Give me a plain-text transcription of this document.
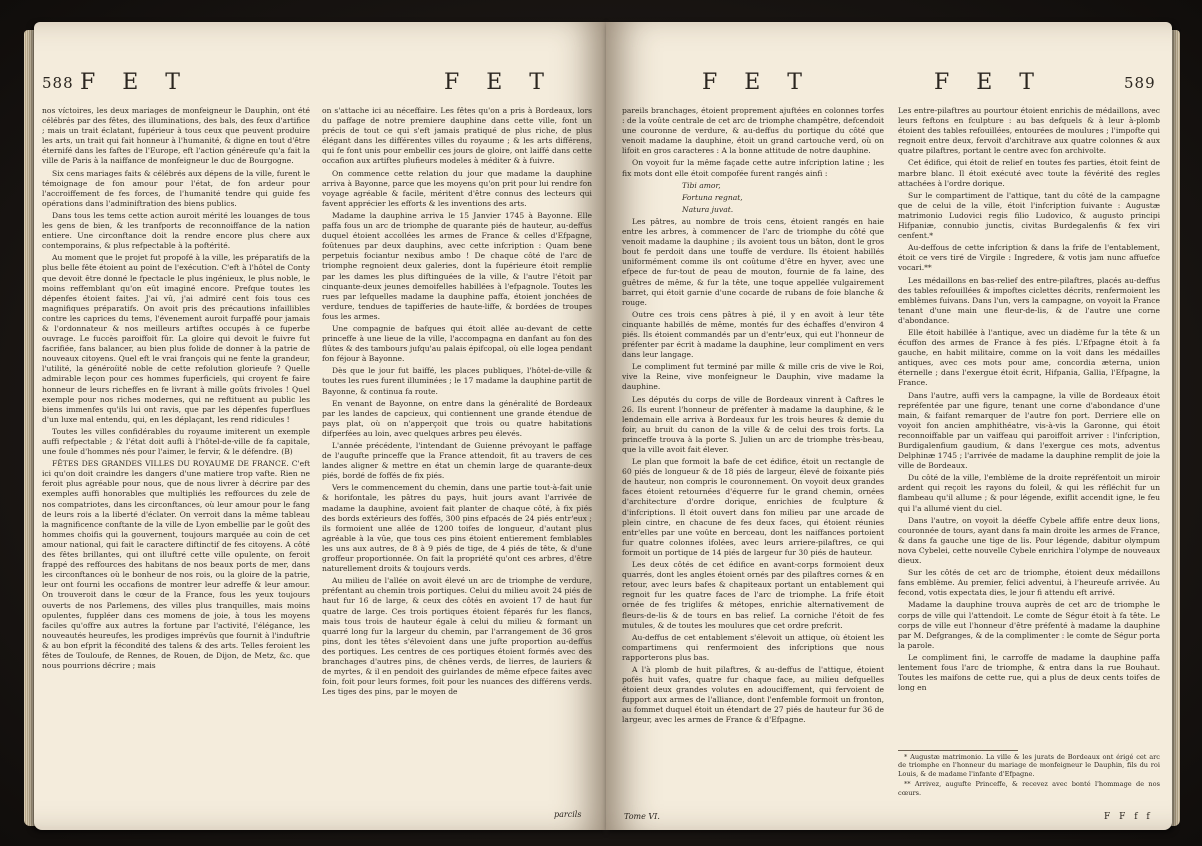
588 F E T	F E T

nos víctoires, les deux mariages de monfeigneur le Dauphin, ont été célébrés par des fêtes, des illuminations, des bals, des feux d'artifice ; mais un trait éclatant, fupérieur à tous ceux que peuvent produire les arts, un trait qui fait honneur à l'humanité, & digne en tout d'être éternifé dans les faftes de l'Europe, eft l'action généreufe qu'a fait la ville de Paris à la naiffance de monfeigneur le duc de Bourgogne.

Six cens mariages faits & célébrés aux dépens de la ville, furent le témoignage de fon amour pour l'état, de fon ardeur pour l'accroiffement de fes forces, de l'humanité tendre qui guide fes opérations dans l'adminiftration des biens publics.

Dans tous les tems cette action auroit mérité les louanges de tous les gens de bien, & les tranfports de reconnoiffance de la nation entiere. Une circonftance doit la rendre encore plus chere aux contemporains, & plus refpectable à la poftérité.

Au moment que le projet fut propofé à la ville, les préparatifs de la plus belle fête étoient au point de l'exécution. C'eft à l'hôtel de Conty que devoit être donné le fpectacle le plus ingénieux, le plus noble, le moins reffemblant qu'on eût imaginé encore. Prefque toutes les dépenfes étoient faites. J'ai vû, j'ai admiré cent fois tous ces magnifiques préparatifs. On avoit pris des précautions infaillibles contre les caprices du tems, l'évenement auroit furpaffé pour jamais & l'ordonnateur & nos meilleurs artiftes occupés à ce fuperbe ouvrage. Le fuccès paroiffoit fûr. La gloire qui devoit le fuivre fut facrifiée, fans balancer, au bien plus folide de donner à la patrie de nouveaux citoyens. Quel eft le vrai françois qui ne fente la grandeur, l'utilité, la généroíité noble de cette refolution glorieufe ? Quelle admirable leçon pour ces hommes fuperficiels, qui croyent fe faire honneur de leurs richeffes en fe livrant à mille goûts frivoles ! Quel exemple pour nos riches modernes, qui ne reftituent au public les biens immenfes qu'ils lui ont ravis, que par les dépenfes fuperflues d'un luxe mal entendu, qui, en les déplaçant, les rend ridicules !

Toutes les villes confidérables du royaume imiterent un exemple auffi refpectable ; & l'état doit aufli à l'hôtel-de-ville de fa capitale, une foule d'hommes nés pour l'aimer, le fervir, & le défendre. (B)

FÊTES DES GRANDES VILLES DU ROYAUME DE FRANCE. C'eft ici qu'on doit craindre les dangers d'une matiere trop vafte. Rien ne feroit plus agréable pour nous, que de nous livrer à décrire par des exemples auffi honorables que multipliés les reffources du zele de nos compatriotes, dans les circonftances, où leur amour pour le fang de leurs rois a la liberté d'éclater. On verroit dans la même tableau la magnificence conftante de la ville de Lyon embellie par le goût des hommes choifis qui la gouvernent, toujours marquée au coin de cet amour national, qui fait le caractere diftinctif de fes citoyens. A côté des fêtes brillantes, qui ont illuftré cette ville opulente, on feroit frappé des reffources des habitans de nos beaux ports de mer, dans les circonftances où le bonheur de nos rois, ou la gloire de la patrie, leur ont fourni les occafions de montrer leur adreffe & leur amour. On trouveroit dans le cœur de la France, fous les yeux toujours ouverts de nos Parlemens, des villes plus tranquilles, mais moins opulentes, fuppléer dans ces momens de joie, à tous les moyens faciles qu'offre aux autres la fortune par l'activité, l'élégance, les nouveautés heureufes, les prodiges imprévûs que fournit à l'induftrie & au bon efprit la fécondité des talens & des arts. Telles feroient les fêtes de Touloufe, de Rennes, de Rouen, de Dijon, de Metz, &c. que nous pourrions décrire ; mais

on s'attache ici au néceffaire. Les fêtes qu'on a pris à Bordeaux, lors du paffage de notre premiere dauphine dans cette ville, font un précis de tout ce qui s'eft jamais pratiqué de plus riche, de plus élégant dans les différentes villes du royaume ; & les arts différens, qui fe font unis pour embellir ces jours de gloire, ont laiffé dans cette occafion aux artiftes plufieurs modeles à méditer & à fuivre.

On commence cette relation du jour que madame la dauphine arriva à Bayonne, parce que les moyens qu'on prit pour lui rendre fon voyage agréable & facile, méritent d'être connus des lecteurs qui favent apprécier les efforts & les inventions des arts.

Madame la dauphine arriva le 15 Janvier 1745 à Bayonne. Elle paffa fous un arc de triomphe de quarante piés de hauteur, au-deffus duquel étoient accollées les armes de France & celles d'Efpagne, foûtenues par deux dauphins, avec cette infcription : Quam bene perpetuis fociantur nexibus ambo ! De chaque côté de l'arc de triomphe regnoient deux galeries, dont la fupérieure étoit remplie par les dames les plus diftinguées de la ville, & l'autre l'étoit par cinquante-deux jeunes demoifelles habillées à l'efpagnole. Toutes les rues par lefquelles madame la dauphine paffa, étoient jonchées de verdure, tendues de tapifferies de haute-liffe, & bordées de troupes fous les armes.

Une compagnie de bafques qui étoit allée au-devant de cette princeffe à une lieue de la ville, l'accompagna en danfant au fon des flûtes & des tambours jufqu'au palais épifcopal, où elle logea pendant fon féjour à Bayonne.

Dès que le jour fut baiffé, les places publiques, l'hôtel-de-ville & toutes les rues furent illuminées ; le 17 madame la dauphine partit de Bayonne, & continua fa route.

En venant de Bayonne, on entre dans la généralité de Bordeaux par les landes de capcieux, qui contiennent une grande étendue de pays plat, où on n'apperçoit que trois ou quatre habitations difperfées au loin, avec quelques arbres peu élevés.

L'année précédente, l'intendant de Guienne prévoyant le paffage de l'augufte princeffe que la France attendoit, fit au travers de ces landes aligner & mettre en état un chemin large de quarante-deux piés, bordé de foffés de fix piés.

Vers le commencement du chemin, dans une partie tout-à-fait unie & horifontale, les pâtres du pays, huit jours avant l'arrivée de madame la dauphine, avoient fait planter de chaque côté, à fix piés des bords extérieurs des foffés, 300 pins efpacés de 24 piés entr'eux ; ils formoient une allée de 1200 toifes de longueur, d'autant plus agréable à la vûe, que tous ces pins étoient entierement femblables les uns aux autres, de 8 à 9 piés de tige, de 4 piés de tête, & d'une groffeur proportionnée. On fait la propriété qu'ont ces arbres, d'être naturellement droits & toujours verds.

Au milieu de l'allée on avoit élevé un arc de triomphe de verdure, préfentant au chemin trois portiques. Celui du milieu avoit 24 piés de haut fur 16 de large, & ceux des côtés en avoient 17 de haut fur quatre de large. Ces trois portiques étoient féparés fur les flancs, mais tous trois de hauteur égale à celui du milieu & formant un quarré long fur la largeur du chemin, par l'arrangement de 36 gros pins, dont les têtes s'élevoient dans une jufte proportion au-deffus des portiques. Les centres de ces portiques étoient formés avec des branchages d'autres pins, de chênes verds, de lierres, de lauriers & de myrtes, & il en pendoit des guirlandes de même efpece faites avec foin, foit pour leurs formes, foit pour les nuances des différens verds. Les tiges des pins, par le moyen de

parcils
F E T	F E T	589

pareils branchages, étoient proprement ajuftées en colonnes torfes : de la voûte centrale de cet arc de triomphe champêtre, defcendoit une couronne de verdure, & au-deffus du portique du côté que venoit madame la dauphine, étoit un grand cartouche verd, où on lifoit en gros caracteres : A la bonne attitude de notre dauphine.

On voyoit fur la même façade cette autre infcription latine ; les fix mots dont elle étoit compofée furent rangés ainfi :

Tibi amor,

Fortuna regnat,

Natura juvat.

Les pâtres, au nombre de trois cens, étoient rangés en haie entre les arbres, à commencer de l'arc de triomphe du côté que venoit madame la dauphine ; ils avoient tous un bâton, dont le gros bout fe perdoit dans une touffe de verdure. Ils étoient habillés uniformément comme ils ont coûtume d'être en hyver, avec une efpece de fur-tout de peau de mouton, fournie de fa laine, des guêtres de même, & fur la tête, une toque appellée vulgairement barret, qui étoit garnie d'une cocarde de rubans de foie blanche & rouge.

Outre ces trois cens pâtres à pié, il y en avoit à leur tête cinquante habillés de même, montés fur des échaffes d'environ 4 piés. Ils étoient commandés par un d'entr'eux, qui eut l'honneur de préfenter par écrit à madame la dauphine, leur compliment en vers dans leur langage.

Le compliment fut terminé par mille & mille cris de vive le Roi, vive la Reine, vive monfeigneur le Dauphin, vive madame la dauphine.

Les députés du corps de ville de Bordeaux vinrent à Caftres le 26. Ils eurent l'honneur de préfenter à madame la dauphine, & le lendemain elle arriva à Bordeaux fur les trois heures & demie du foir, au bruit du canon de la ville & de celui des trois forts. La princeffe trouva à la porte S. Julien un arc de triomphe très-beau, que la ville avoit fait élever.

Le plan que formoit la bafe de cet édifice, étoit un rectangle de 60 piés de longueur & de 18 piés de largeur, élevé de foixante piés de hauteur, non compris le couronnement. On voyoit deux grandes faces étoient retournées d'équerre fur le grand chemin, ornées d'architecture d'ordre dorique, enrichies de fculpture & d'infcriptions. Il étoit ouvert dans fon milieu par une arcade de plein cintre, en chacune de fes deux faces, qui étoient réunies entr'elles par une voûte en berceau, dont les naiffances portoient fur quatre colonnes ifolées, avec leurs arriere-pilaftres, ce qui formoit un portique de 14 piés de largeur fur 30 piés de hauteur.

Les deux côtés de cet édifice en avant-corps formoient deux quarrés, dont les angles étoient ornés par des pilaftres cornes & en retour, avec leurs bafes & chapiteaux portant un entablement qui regnoit fur les quatre faces de l'arc de triomphe. La frife étoit ornée de fes triglifes & métopes, enrichie alternativement de fleurs-de-lis & de tours en bas relief. La corniche l'étoit de fes mutules, & de toutes les moulures que cet ordre prefcrit.

Au-deffus de cet entablement s'élevoit un attique, où étoient les compartimens qui renfermoient des infcriptions que nous rapporterons plus bas.

A l'à plomb de huit pilaftres, & au-deffus de l'attique, étoient pofés huit vafes, quatre fur chaque face, au milieu defquelles étoient deux grandes volutes en adouciffement, qui fervoient de fupport aux armes de l'alliance, dont l'enfemble formoit un fronton, au fommet duquel étoit un étendart de 27 piés de hauteur fur 36 de largeur, avec les armes de France & d'Efpagne.

Les entre-pilaftres au pourtour étoient enrichis de médaillons, avec leurs feftons en fculpture : au bas defquels & à leur à-plomb étoient des tables refouillées, entourées de moulures ; l'impofte qui regnoit entre deux, fervoit d'architrave aux quatre colonnes & aux quatre pilaftres, portant le centre avec fon archivolte.

Cet édifice, qui étoit de relief en toutes fes parties, étoit feint de marbre blanc. Il étoit exécuté avec toute la févérité des regles attachées à l'ordre dorique.

Sur le compartiment de l'attique, tant du côté de la campagne que de celui de la ville, étoit l'infcription fuivante : Augustæ matrimonio Ludovici regis filio Ludovico, & augusto principi Hifpaniæ, connubio junctis, civitas Burdegalenfis & fex viri cenfent.*

Au-deffous de cette infcription & dans la frife de l'entablement, étoit ce vers tiré de Virgile : Ingredere, & votis jam nunc affuefce vocari.**

Les médaillons en bas-relief des entre-pilaftres, placés au-deffus des tables refouillées & impoftes ciclettes décrits, renfermoient les emblèmes fuivans. Dans l'un, vers la campagne, on voyoit la France tenant d'une main une fleur-de-lis, & de l'autre une corne d'abondance.

Elle étoit habillée à l'antique, avec un diadème fur la tête & un écuffon des armes de France à fes piés. L'Efpagne étoit à fa gauche, en habit militaire, comme on la voit dans les médailles antiques, avec ces mots pour ame, concordia æterna, union éternelle ; dans l'exergue étoit écrit, Hifpania, Gallia, l'Efpagne, la France.

Dans l'autre, auffi vers la campagne, la ville de Bordeaux étoit repréfentée par une figure, tenant une corne d'abondance d'une main, & faifant remarquer de l'autre fon port. Derriere elle on voyoit fon ancien amphithéatre, vis-à-vis la Garonne, qui étoit reconnoiffable par un vaiffeau qui paroiffoit arriver : l'infcription, Burdigalenfium gaudium, & dans l'exergue ces mots, adventus Delphinæ 1745 ; l'arrivée de madame la dauphine remplit de joie la ville de Bordeaux.

Du côté de la ville, l'emblème de la droite repréfentoit un miroir ardent qui reçoit les rayons du foleil, & qui les réfléchit fur un flambeau qu'il allume ; & pour légende, exiflit accendit igne, le feu qui l'a allumé vient du ciel.

Dans l'autre, on voyoit la déeffe Cybele affife entre deux lions, couronnée de tours, ayant dans fa main droite les armes de France, & dans fa gauche une tige de lis. Pour légende, dabitur olympum nova Cybelei, cette nouvelle Cybele enrichira l'olympe de nouveaux dieux.

Sur les côtés de cet arc de triomphe, étoient deux médaillons fans emblème. Au premier, felici adventui, à l'heureufe arrivée. Au fecond, votis expectata dies, le jour fi attendu eft arrivé.

Madame la dauphine trouva auprès de cet arc de triomphe le corps de ville qui l'attendoit. Le comte de Ségur étoit à fa tête. Le corps de ville eut l'honneur d'être préfenté à madame la dauphine par M. Defgranges, & de la complimenter : le comte de Ségur porta la parole.

Le compliment fini, le carroffe de madame la dauphine paffa lentement fous l'arc de triomphe, & entra dans la rue Bouhaut. Toutes les maifons de cette rue, qui a plus de deux cents toifes de long en

* Augustæ matrimonio. La ville & les jurats de Bordeaux ont érigé cet arc de triomphe en l'honneur du mariage de monfeigneur le Dauphin, fils du roi Louis, & de madame l'infante d'Efpagne.

** Arrivez, augufte Princeffe, & recevez avec bonté l'hommage de nos cœurs.

Tome VI.	F F f f
